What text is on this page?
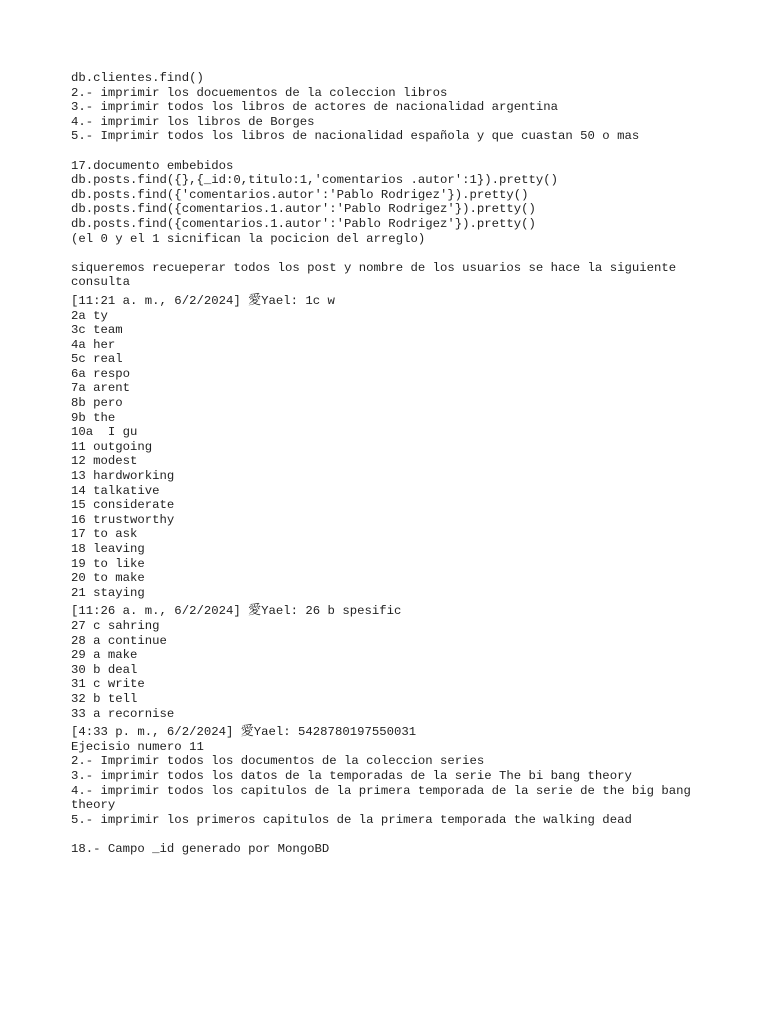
db.clientes.find()
2.- imprimir los docuementos de la coleccion libros
3.- imprimir todos los libros de actores de nacionalidad argentina
4.- imprimir los libros de Borges
5.- Imprimir todos los libros de nacionalidad española y que cuastan 50 o mas
17.documento embebidos
db.posts.find({},{_id:0,titulo:1,'comentarios .autor':1}).pretty()
db.posts.find({'comentarios.autor':'Pablo Rodrigez'}).pretty()
db.posts.find({comentarios.1.autor':'Pablo Rodrigez'}).pretty()
db.posts.find({comentarios.1.autor':'Pablo Rodrigez'}).pretty()
(el 0 y el 1 sicnifican la pocicion del arreglo)
siqueremos recueperar todos los post y nombre de los usuarios se hace la siguiente consulta
[11:21 a. m., 6/2/2024] 愛Yael: 1c w
2a ty
3c team
4a her
5c real
6a respo
7a arent
8b pero
9b the
10a  I gu
11 outgoing
12 modest
13 hardworking
14 talkative
15 considerate
16 trustworthy
17 to ask
18 leaving
19 to like
20 to make
21 staying
[11:26 a. m., 6/2/2024] 愛Yael: 26 b spesific
27 c sahring
28 a continue
29 a make
30 b deal
31 c write
32 b tell
33 a recornise
[4:33 p. m., 6/2/2024] 愛Yael: 5428780197550031
Ejecisio numero 11
2.- Imprimir todos los documentos de la coleccion series
3.- imprimir todos los datos de la temporadas de la serie The bi bang theory
4.- imprimir todos los capitulos de la primera temporada de la serie de the big bang theory
5.- imprimir los primeros capitulos de la primera temporada the walking dead
18.- Campo _id generado por MongoBD
